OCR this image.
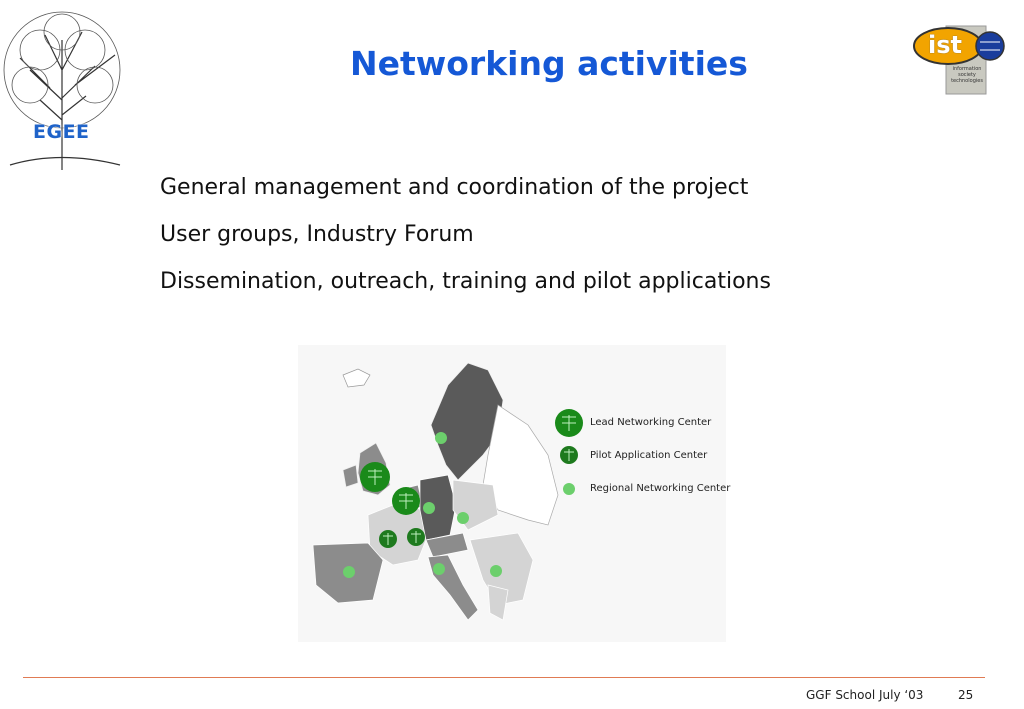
EGEE
Networking activities	ist
information society technologies
General management and coordination of the project
User groups, Industry Forum
Dissemination, outreach, training and pilot applications
Lead Networking Center
Pilot Application Center
Regional Networking Center
GGF School July ‘03	25
